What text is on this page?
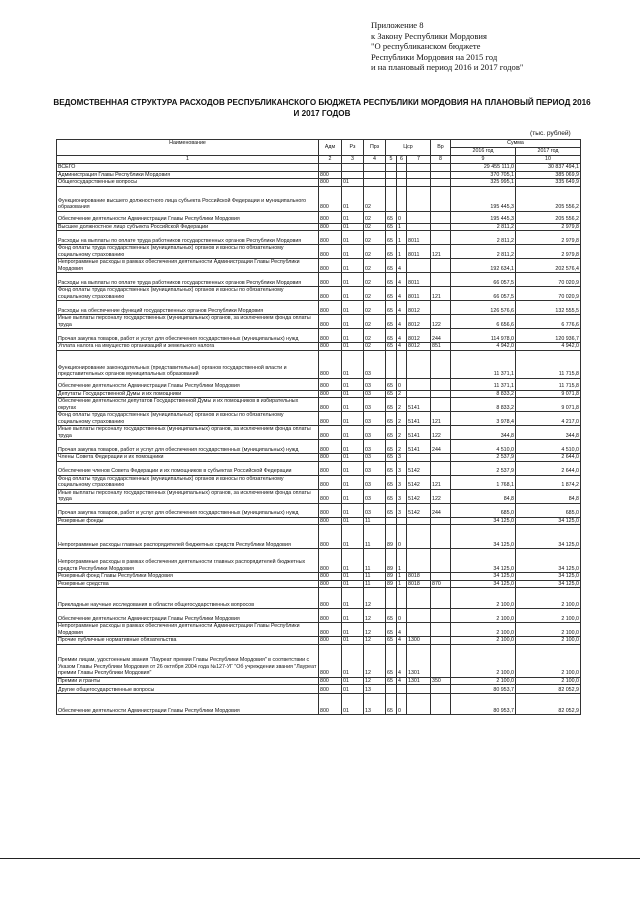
Приложение 8
к Закону Республики Мордовия
"О республиканском бюджете
Республики Мордовия на 2015 год
и на плановый период 2016 и 2017 годов"
ВЕДОМСТВЕННАЯ СТРУКТУРА РАСХОДОВ РЕСПУБЛИКАНСКОГО БЮДЖЕТА РЕСПУБЛИКИ МОРДОВИЯ НА ПЛАНОВЫЙ ПЕРИОД 2016 И 2017 ГОДОВ
(тыс. рублей)
Наименование	Адм	Рз	Прз	Цср			Вр	Сумма	
								2016 год	2017 год
1	2	3	4	5	6	7	8	9	10
ВСЕГО								29 455 111,0	30 837 494,1
Администрация Главы Республики Мордовия	800							370 705,1	385 069,9
Общегосударственные вопросы	800	01						325 995,1	335 649,9
Функционирование высшего должностного лица субъекта Российской Федерации и муниципального образования	800	01	02					195 445,3	205 556,2
Обеспечение деятельности Администрации Главы Республики Мордовия	800	01	02	65	0			195 445,3	205 556,2
Высшее должностное лицо субъекта Российской Федерации	800	01	02	65	1			2 811,2	2 979,8
Расходы на выплаты по оплате труда работников государственных органов Республики Мордовия	800	01	02	65	1	8011		2 811,2	2 979,8
Фонд оплаты труда государственных (муниципальных) органов и взносы по обязательному социальному страхованию	800	01	02	65	1	8011	121	2 811,2	2 979,8
Непрограммные расходы в рамках обеспечения деятельности Администрации Главы Республики Мордовия	800	01	02	65	4			192 634,1	202 576,4
Расходы на выплаты по оплате труда работников государственных органов Республики Мордовия	800	01	02	65	4	8011		66 057,5	70 020,9
Фонд оплаты труда государственных (муниципальных) органов и взносы по обязательному социальному страхованию	800	01	02	65	4	8011	121	66 057,5	70 020,9
Расходы на обеспечение функций государственных органов Республики Мордовия	800	01	02	65	4	8012		126 576,6	132 555,5
Иные выплаты персоналу государственных (муниципальных) органов, за исключением фонда оплаты труда	800	01	02	65	4	8012	122	6 656,6	6 776,6
Прочая закупка товаров, работ и услуг для обеспечения государственных (муниципальных) нужд	800	01	02	65	4	8012	244	114 978,0	120 936,7
Уплата налога на имущество организаций и земельного налога	800	01	02	65	4	8012	851	4 942,0	4 942,0
Функционирование законодательных (представительных) органов государственной власти и представительных органов муниципальных образований	800	01	03					11 371,1	11 715,8
Обеспечение деятельности Администрации Главы Республики Мордовия	800	01	03	65	0			11 371,1	11 715,8
Депутаты Государственной Думы и их помощники	800	01	03	65	2			8 833,2	9 071,8
Обеспечение деятельности депутатов Государственной Думы и их помощников в избирательных округах	800	01	03	65	2	5141		8 833,2	9 071,8
Фонд оплаты труда государственных (муниципальных) органов и взносы по обязательному социальному страхованию	800	01	03	65	2	5141	121	3 978,4	4 217,0
Иные выплаты персоналу государственных (муниципальных) органов, за исключением фонда оплаты труда	800	01	03	65	2	5141	122	344,8	344,8
Прочая закупка товаров, работ и услуг для обеспечения государственных (муниципальных) нужд	800	01	03	65	2	5141	244	4 510,0	4 510,0
Члены Совета Федерации и их помощники	800	01	03	65	3			2 537,9	2 644,0
Обеспечение членов Совета Федерации и их помощников в субъектах Российской Федерации	800	01	03	65	3	5142		2 537,9	2 644,0
Фонд оплаты труда государственных (муниципальных) органов и взносы по обязательному социальному страхованию	800	01	03	65	3	5142	121	1 768,1	1 874,2
Иные выплаты персоналу государственных (муниципальных) органов, за исключением фонда оплаты труда	800	01	03	65	3	5142	122	84,8	84,8
Прочая закупка товаров, работ и услуг для обеспечения государственных (муниципальных) нужд	800	01	03	65	3	5142	244	685,0	685,0
Резервные фонды	800	01	11					34 125,0	34 125,0
Непрограммные расходы главных распорядителей бюджетных средств Республики Мордовия	800	01	11	89	0			34 125,0	34 125,0
Непрограммные расходы в рамках обеспечения деятельности главных распорядителей бюджетных средств Республики Мордовия	800	01	11	89	1			34 125,0	34 125,0
Резервный фонд Главы Республики Мордовия	800	01	11	89	1	8018		34 125,0	34 125,0
Резервные средства	800	01	11	89	1	8018	870	34 125,0	34 125,0
Прикладные научные исследования в области общегосударственных вопросов	800	01	12					2 100,0	2 100,0
Обеспечение деятельности Администрации Главы Республики Мордовия	800	01	12	65	0			2 100,0	2 100,0
Непрограммные расходы в рамках обеспечения деятельности Администрации Главы Республики Мордовия	800	01	12	65	4			2 100,0	2 100,0
Прочие публичные нормативные обязательства	800	01	12	65	4	1300		2 100,0	2 100,0
Премии лицам, удостоенным звания "Лауреат премии Главы Республики Мордовия" в соответствии с Указом Главы Республики Мордовия от 26 октября 2004 года №127-УГ "Об учреждении звания "Лауреат премии Главы Республики Мордовия"	800	01	12	65	4	1301		2 100,0	2 100,0
Премии и гранты	800	01	12	65	4	1301	350	2 100,0	2 100,0
Другие общегосударственные вопросы	800	01	13					80 953,7	82 052,9
Обеспечение деятельности Администрации Главы Республики Мордовия	800	01	13	65	0			80 953,7	82 052,9
